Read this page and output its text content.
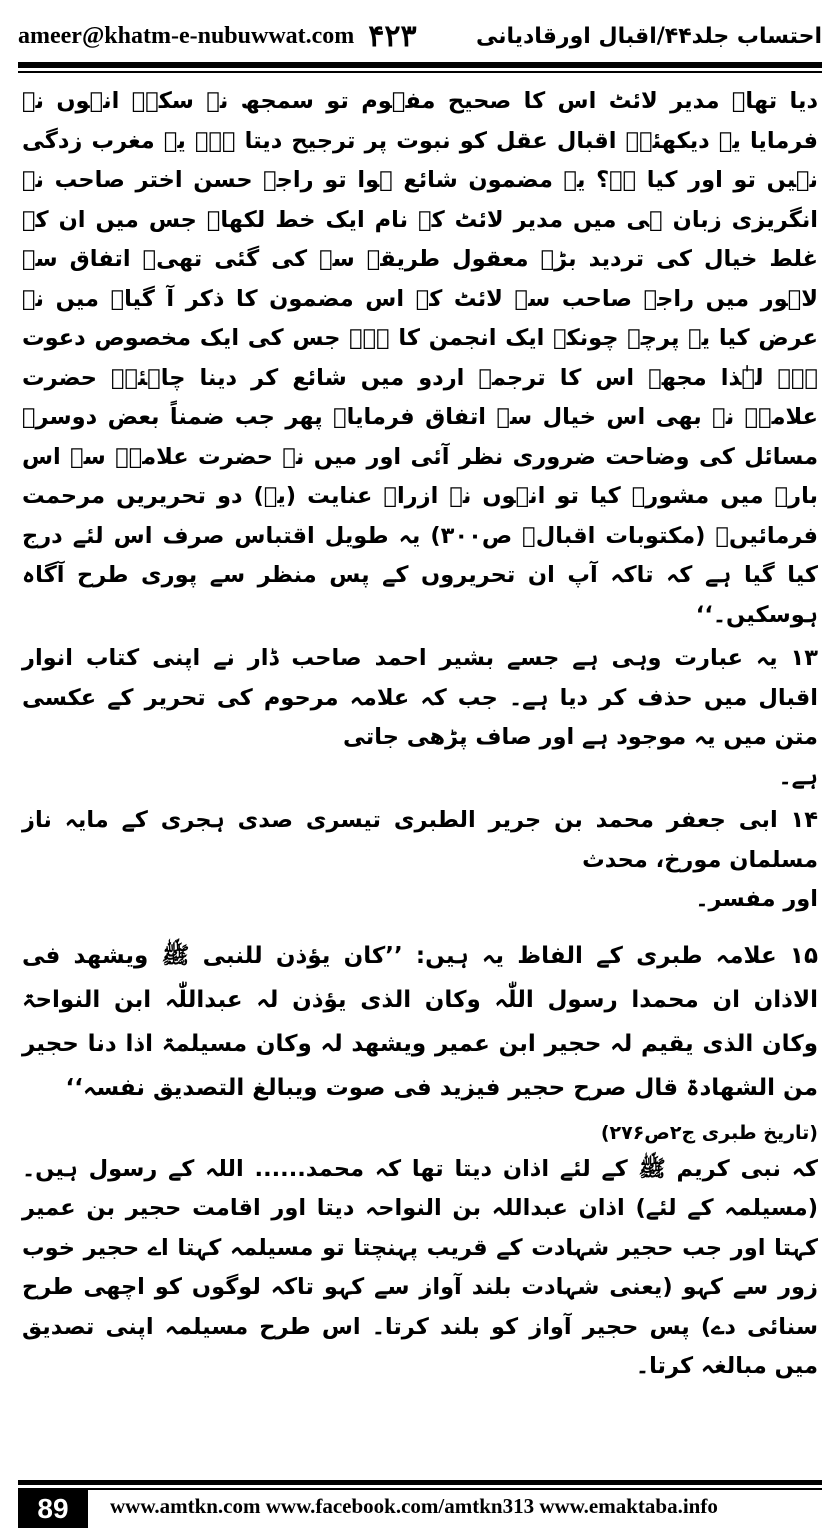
ameer@khatm-e-nubuwwat.com ۴۲۳	احتساب جلد۴۴/اقبال اورقادیانی

دیا تھا۔ مدیر لائٹ اس کا صحیح مفہوم تو سمجھ نہ سکے۔ انہوں نے فرمایا یہ دیکھئے۔ اقبال عقل کو نبوت پر ترجیح دیتا ہے۔ یہ مغرب زدگی نہیں تو اور کیا ہے؟ یہ مضمون شائع ہوا تو راجہ حسن اختر صاحب نے انگریزی زبان ہی میں مدیر لائٹ کے نام ایک خط لکھا۔ جس میں ان کے غلط خیال کی تردید بڑے معقول طریقے سے کی گئی تھی۔ اتفاق سے لاہور میں راجہ صاحب سے لائٹ کے اس مضمون کا ذکر آ گیا۔ میں نے عرض کیا یہ پرچہ چونکہ ایک انجمن کا ہے۔ جس کی ایک مخصوص دعوت ہے۔ لہٰذا مجھے اس کا ترجمہ اردو میں شائع کر دینا چاہئے۔ حضرت علامہؒ نے بھی اس خیال سے اتفاق فرمایا۔ پھر جب ضمناً بعض دوسرے مسائل کی وضاحت ضروری نظر آئی اور میں نے حضرت علامہؒ سے اس بارے میں مشورہ کیا تو انہوں نے ازراہ عنایت (یہ) دو تحریریں مرحمت فرمائیں۔ (مکتوبات اقبالؒ ص۳۰۰) یہ طویل اقتباس صرف اس لئے درج کیا گیا ہے کہ تاکہ آپ ان تحریروں کے پس منظر سے پوری طرح آگاہ ہوسکیں۔‘‘

۱۳ یہ عبارت وہی ہے جسے بشیر احمد صاحب ڈار نے اپنی کتاب انوار اقبال میں حذف کر دیا ہے۔ جب کہ علامہ مرحوم کی تحریر کے عکسی متن میں یہ موجود ہے اور صاف پڑھی جاتی

ہے۔

۱۴ ابی جعفر محمد بن جریر الطبری تیسری صدی ہجری کے مایہ ناز مسلمان مورخ، محدث

اور مفسر۔

۱۵ علامہ طبری کے الفاظ یہ ہیں: ’’کان یؤذن للنبی ﷺ ویشھد فی الاذان ان محمدا رسول اللّٰہ وکان الذی یؤذن لہ عبداللّٰہ ابن النواحۃ وکان الذی یقیم لہ حجیر ابن عمیر ویشھد لہ وکان مسیلمۃ اذا دنا حجیر من الشھادۃ قال صرح حجیر فیزید فی صوت ویبالغ التصدیق نفسہ‘‘

(تاریخ طبری ج۲ص۲۷۶)

کہ نبی کریم ﷺ کے لئے اذان دیتا تھا کہ محمد...... اللہ کے رسول ہیں۔ (مسیلمہ کے لئے) اذان عبداللہ بن النواحہ دیتا اور اقامت حجیر بن عمیر کہتا اور جب حجیر شہادت کے قریب پہنچتا تو مسیلمہ کہتا اے حجیر خوب زور سے کہو (یعنی شہادت بلند آواز سے کہو تاکہ لوگوں کو اچھی طرح سنائی دے) پس حجیر آواز کو بلند کرتا۔ اس طرح مسیلمہ اپنی تصدیق میں مبالغہ کرتا۔

89	www.amtkn.com www.facebook.com/amtkn313 www.emaktaba.info
